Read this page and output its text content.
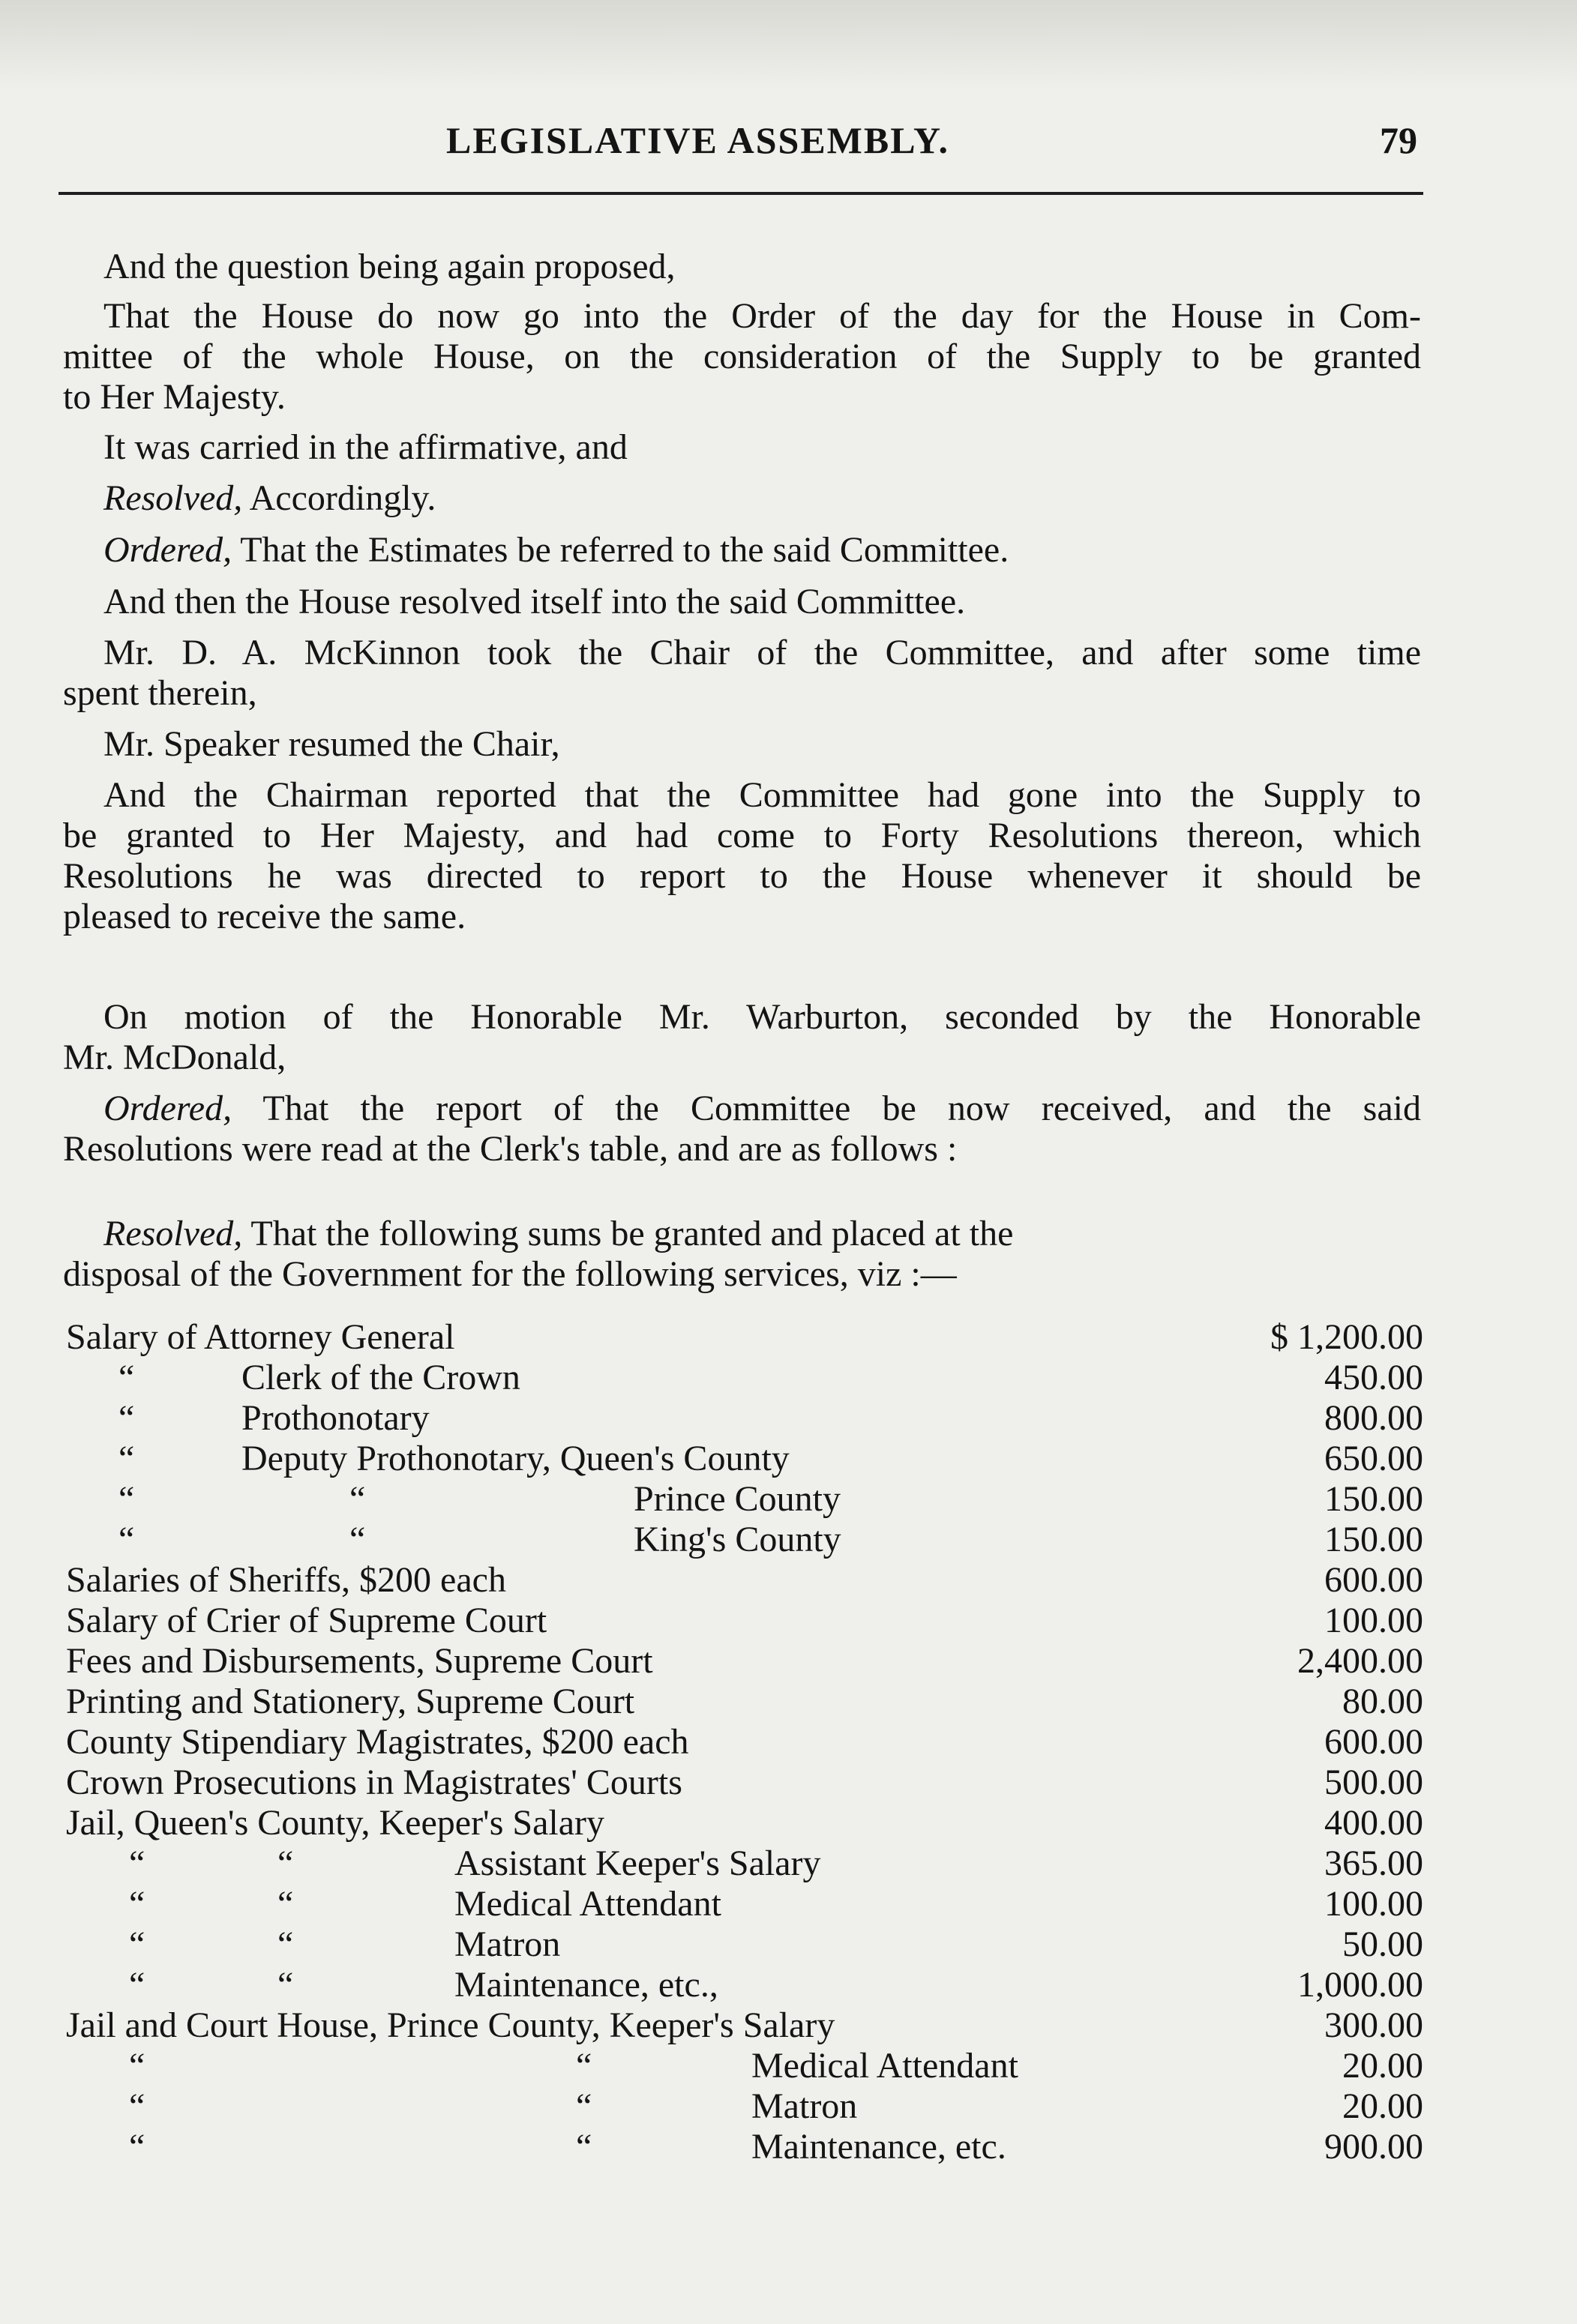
LEGISLATIVE ASSEMBLY.	79
And the question being again proposed,
That the House do now go into the Order of the day for the House in Com-
mittee of the whole House, on the consideration of the Supply to be granted
to Her Majesty.
It was carried in the affirmative, and
Resolved, Accordingly.
Ordered, That the Estimates be referred to the said Committee.
And then the House resolved itself into the said Committee.
Mr. D. A. McKinnon took the Chair of the Committee, and after some time
spent therein,
Mr. Speaker resumed the Chair,
And the Chairman reported that the Committee had gone into the Supply to
be granted to Her Majesty, and had come to Forty Resolutions thereon, which
Resolutions he was directed to report to the House whenever it should be
pleased to receive the same.
On motion of the Honorable Mr. Warburton, seconded by the Honorable
Mr. McDonald,
Ordered, That the report of the Committee be now received, and the said
Resolutions were read at the Clerk's table, and are as follows :
Resolved, That the following sums be granted and placed at the
disposal of the Government for the following services, viz :—
Salary of Attorney General	$ 1,200.00
“	Clerk of the Crown	450.00
“	Prothonotary	800.00
“	Deputy Prothonotary, Queen's County	650.00
“	“	Prince County	150.00
“	“	King's County	150.00
Salaries of Sheriffs, $200 each	600.00
Salary of Crier of Supreme Court	100.00
Fees and Disbursements, Supreme Court	2,400.00
Printing and Stationery, Supreme Court	80.00
County Stipendiary Magistrates, $200 each	600.00
Crown Prosecutions in Magistrates' Courts	500.00
Jail, Queen's County, Keeper's Salary	400.00
“	“	Assistant Keeper's Salary	365.00
“	“	Medical Attendant	100.00
“	“	Matron	50.00
“	“	Maintenance, etc.,	1,000.00
Jail and Court House, Prince County, Keeper's Salary	300.00
“	“	Medical Attendant	20.00
“	“	Matron	20.00
“	“	Maintenance, etc.	900.00
